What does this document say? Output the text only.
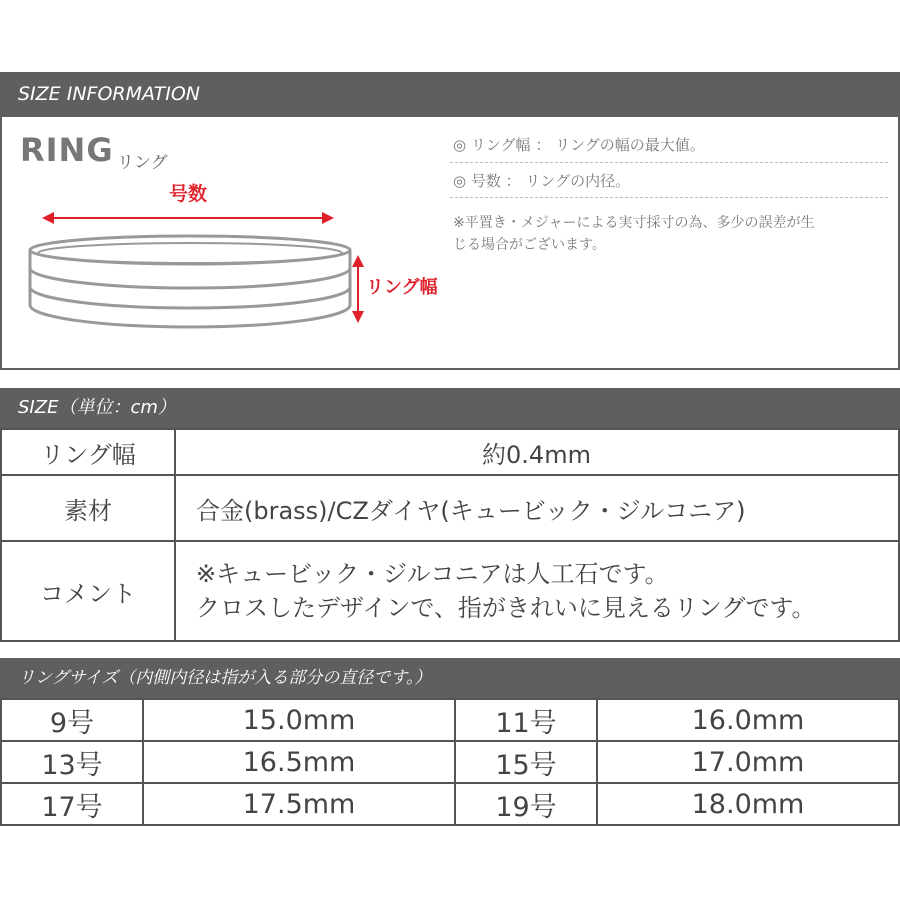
SIZE INFORMATION
RING リング
号数
リング幅
◎ リング幅 ： リングの幅の最大値。
◎ 号数 ： リングの内径。
※平置き・メジャーによる実寸採寸の為、多少の誤差が生
じる場合がございます。
SIZE（単位：cm）
リング幅	約0.4mm
素材	合金(brass)/CZダイヤ(キュービック・ジルコニア)
コメント	※キュービック・ジルコニアは人工石です。
クロスしたデザインで、指がきれいに見えるリングです。
リングサイズ（内側内径は指が入る部分の直径です。）
9号	15.0mm	11号	16.0mm
13号	16.5mm	15号	17.0mm
17号	17.5mm	19号	18.0mm
